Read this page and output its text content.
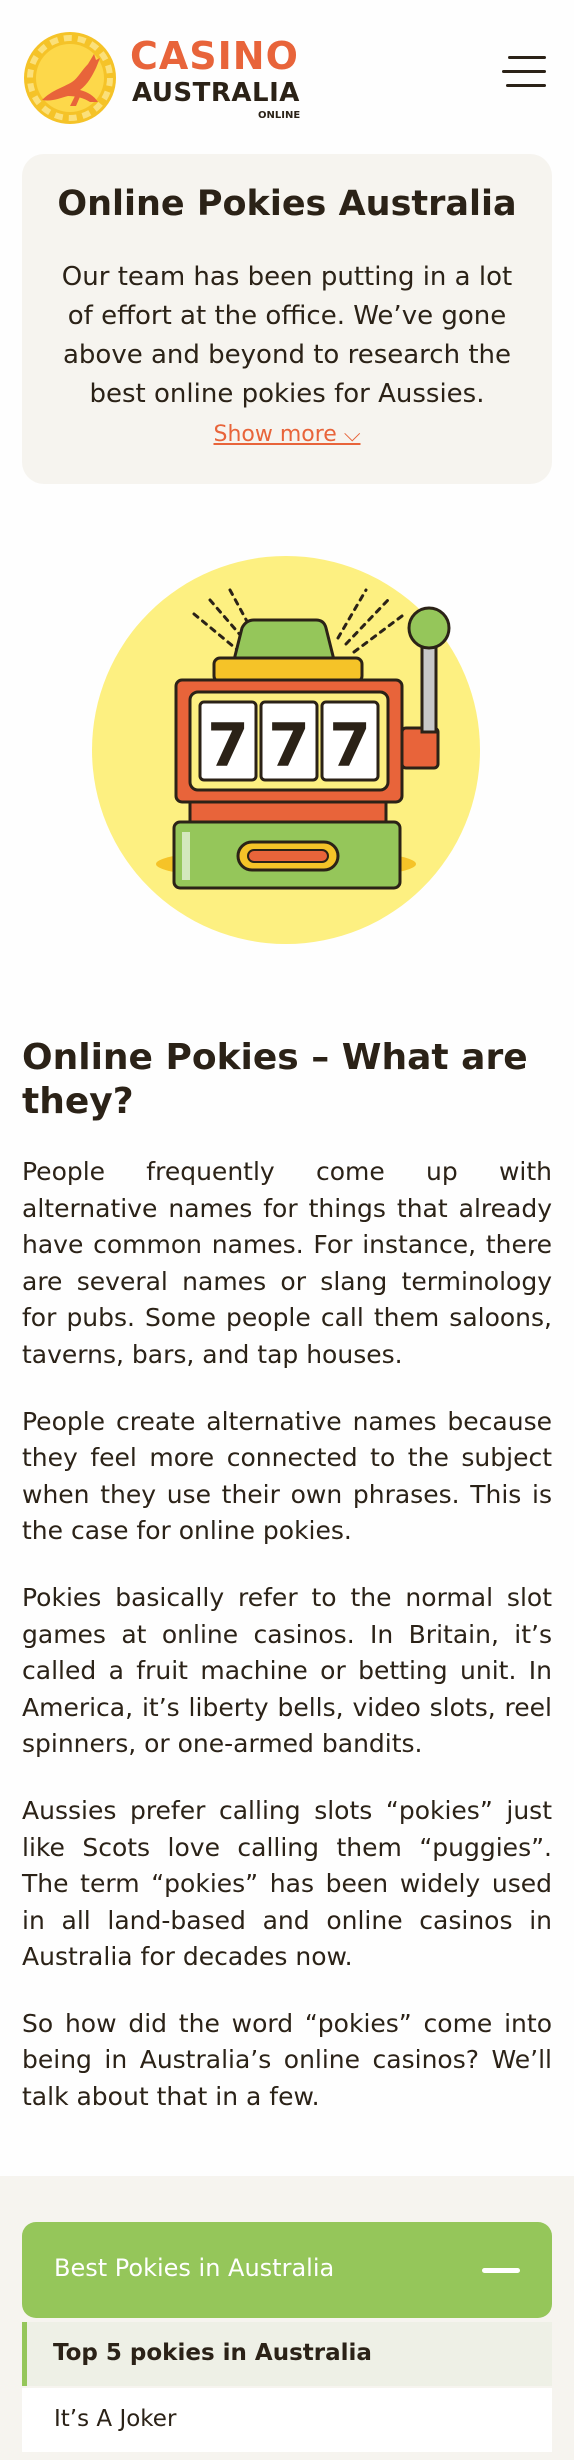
CASINO
AUSTRALIA
ONLINE
Online Pokies Australia

Our team has been putting in a lot of effort at the office. We’ve gone above and beyond to research the best online pokies for Aussies.

Show more ⌵
7 7 7
Online Pokies – What are they?

People frequently come up with alternative names for things that already have common names. For instance, there are several names or slang terminology for pubs. Some people call them saloons, taverns, bars, and tap houses.

People create alternative names because they feel more connected to the subject when they use their own phrases. This is the case for online pokies.

Pokies basically refer to the normal slot games at online casinos. In Britain, it’s called a fruit machine or betting unit. In America, it’s liberty bells, video slots, reel spinners, or one-armed bandits.

Aussies prefer calling slots “pokies” just like Scots love calling them “puggies”. The term “pokies” has been widely used in all land-based and online casinos in Australia for decades now.

So how did the word “pokies” come into being in Australia’s online casinos? We’ll talk about that in a few.

Best Pokies in Australia
Top 5 pokies in Australia
It’s A Joker
